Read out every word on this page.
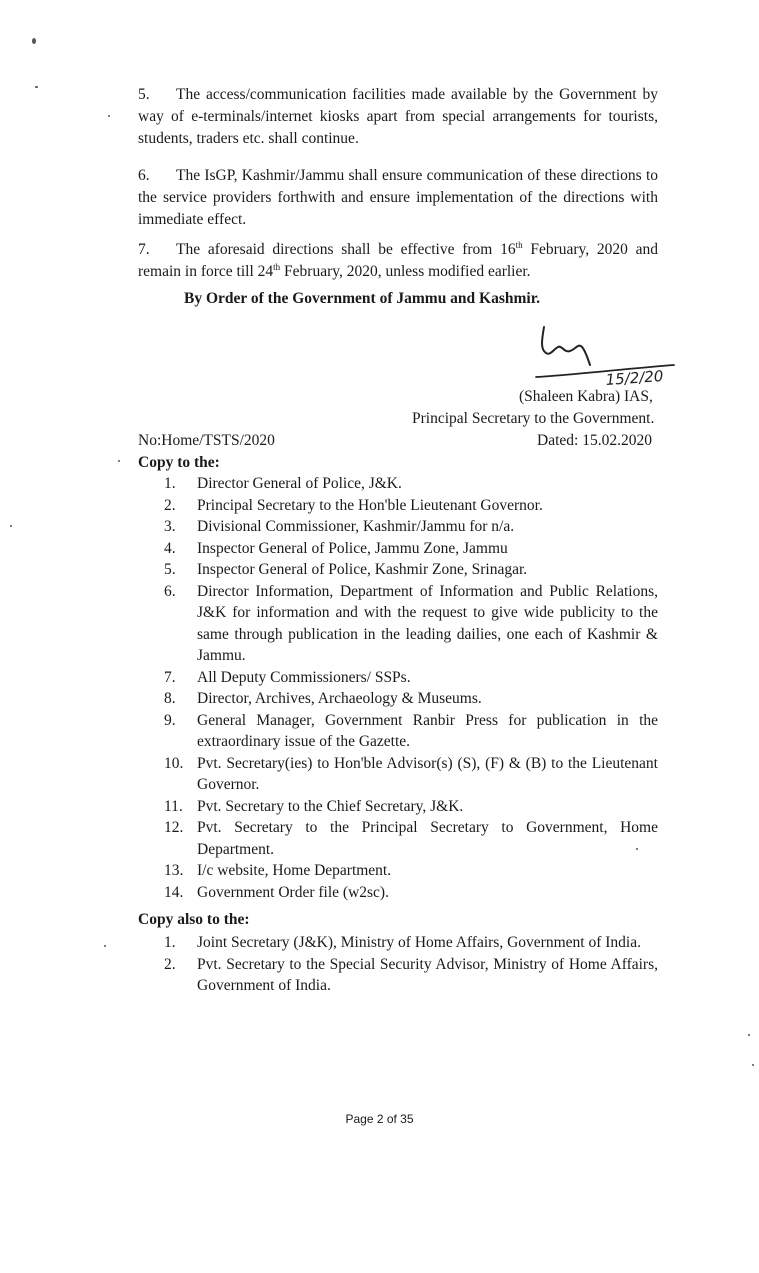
5. The access/communication facilities made available by the Government by way of e-terminals/internet kiosks apart from special arrangements for tourists, students, traders etc. shall continue.
6. The IsGP, Kashmir/Jammu shall ensure communication of these directions to the service providers forthwith and ensure implementation of the directions with immediate effect.
7. The aforesaid directions shall be effective from 16th February, 2020 and remain in force till 24th February, 2020, unless modified earlier.
By Order of the Government of Jammu and Kashmir.
15/2/20
(Shaleen Kabra) IAS,
Principal Secretary to the Government.
No:Home/TSTS/2020	Dated: 15.02.2020
Copy to the:
1.	Director General of Police, J&K.
2.	Principal Secretary to the Hon'ble Lieutenant Governor.
3.	Divisional Commissioner, Kashmir/Jammu for n/a.
4.	Inspector General of Police, Jammu Zone, Jammu
5.	Inspector General of Police, Kashmir Zone, Srinagar.
6.	Director Information, Department of Information and Public Relations, J&K for information and with the request to give wide publicity to the same through publication in the leading dailies, one each of Kashmir & Jammu.
7.	All Deputy Commissioners/ SSPs.
8.	Director, Archives, Archaeology & Museums.
9.	General Manager, Government Ranbir Press for publication in the extraordinary issue of the Gazette.
10. Pvt. Secretary(ies) to Hon'ble Advisor(s) (S), (F) & (B) to the Lieutenant Governor.
11. Pvt. Secretary to the Chief Secretary, J&K.
12. Pvt. Secretary to the Principal Secretary to Government, Home Department.
13. I/c website, Home Department.
14. Government Order file (w2sc).
Copy also to the:
1.	Joint Secretary (J&K), Ministry of Home Affairs, Government of India.
2.	Pvt. Secretary to the Special Security Advisor, Ministry of Home Affairs, Government of India.
Page 2 of 35
